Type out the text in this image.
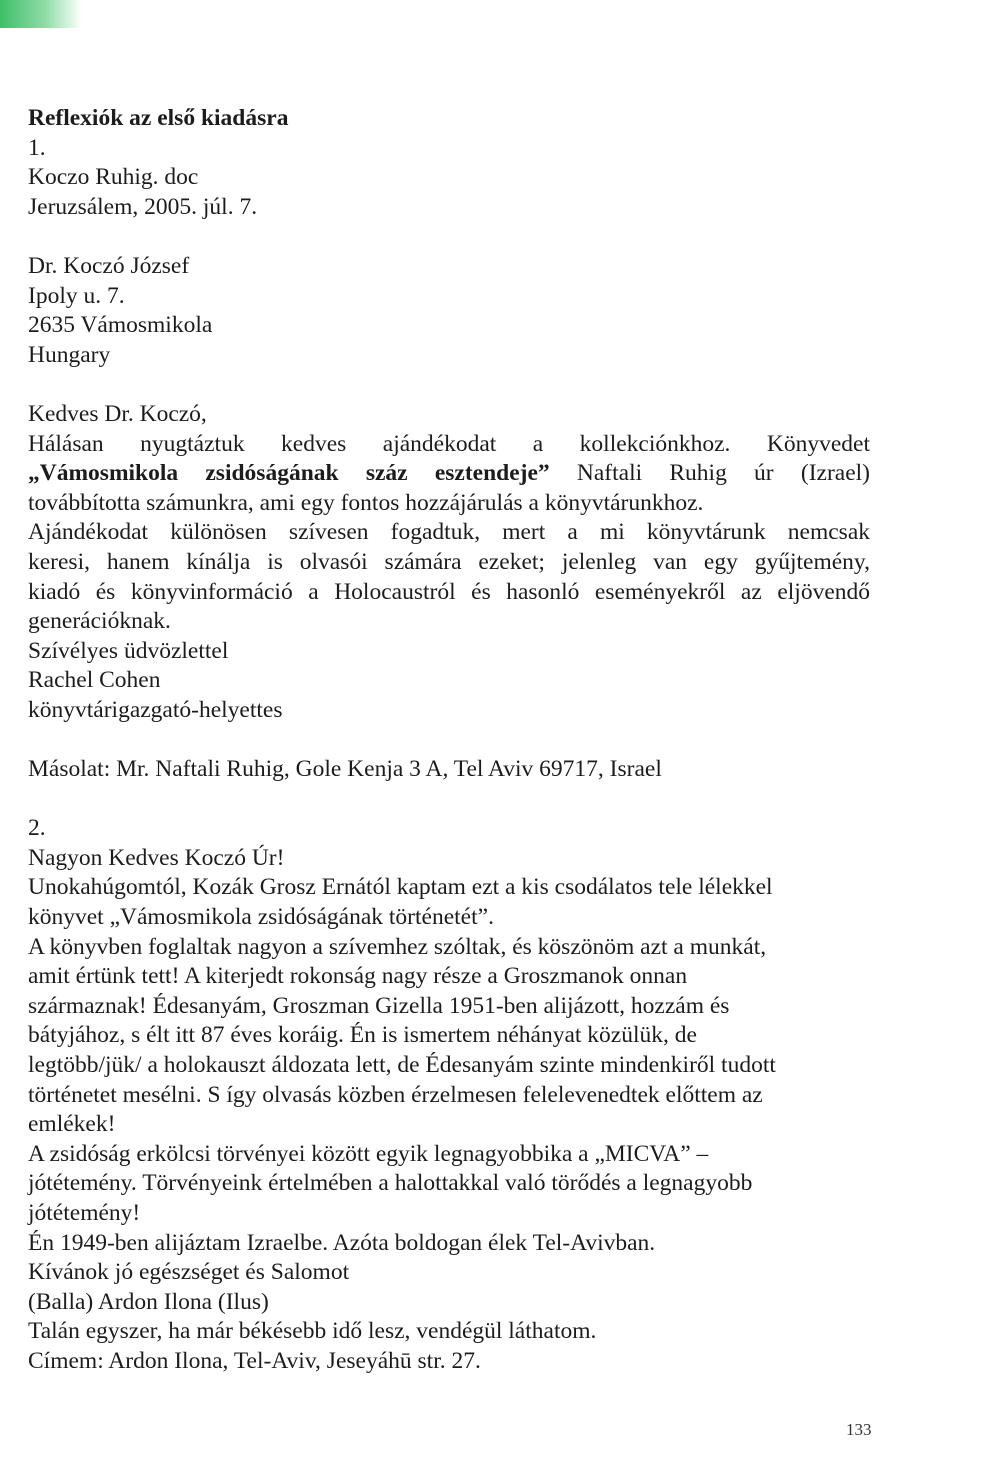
Reflexiók az első kiadásra
1.
Koczo Ruhig. doc
Jeruzsálem, 2005. júl. 7.
Dr. Koczó József
Ipoly u. 7.
2635 Vámosmikola
Hungary
Kedves Dr. Koczó,
Hálásan nyugtáztuk kedves ajándékodat a kollekciónkhoz. Könyvedet
„Vámosmikola zsidóságának száz esztendeje” Naftali Ruhig úr (Izrael)
továbbította számunkra, ami egy fontos hozzájárulás a könyvtárunkhoz.
Ajándékodat különösen szívesen fogadtuk, mert a mi könyvtárunk nemcsak
keresi, hanem kínálja is olvasói számára ezeket; jelenleg van egy gyűjtemény,
kiadó és könyvinformáció a Holocaustról és hasonló eseményekről az eljövendő
generációknak.
Szívélyes üdvözlettel
Rachel Cohen
könyvtárigazgató-helyettes
Másolat: Mr. Naftali Ruhig, Gole Kenja 3 A, Tel Aviv 69717, Israel
2.
Nagyon Kedves Koczó Úr!
Unokahúgomtól, Kozák Grosz Ernától kaptam ezt a kis csodálatos tele lélekkel
könyvet „Vámosmikola zsidóságának történetét”.
A könyvben foglaltak nagyon a szívemhez szóltak, és köszönöm azt a munkát,
amit értünk tett! A kiterjedt rokonság nagy része a Groszmanok onnan
származnak! Édesanyám, Groszman Gizella 1951-ben alijázott, hozzám és
bátyjához, s élt itt 87 éves koráig. Én is ismertem néhányat közülük, de
legtöbb/jük/ a holokauszt áldozata lett, de Édesanyám szinte mindenkiről tudott
történetet mesélni. S így olvasás közben érzelmesen felelevenedtek előttem az
emlékek!
A zsidóság erkölcsi törvényei között egyik legnagyobbika a „MICVA” –
jótétemény. Törvényeink értelmében a halottakkal való törődés a legnagyobb
jótétemény!
Én 1949-ben alijáztam Izraelbe. Azóta boldogan élek Tel-Avivban.
Kívánok jó egészséget és Salomot
(Balla) Ardon Ilona (Ilus)
Talán egyszer, ha már békésebb idő lesz, vendégül láthatom.
Címem: Ardon Ilona, Tel-Aviv, Jeseyáhū str. 27.
133
